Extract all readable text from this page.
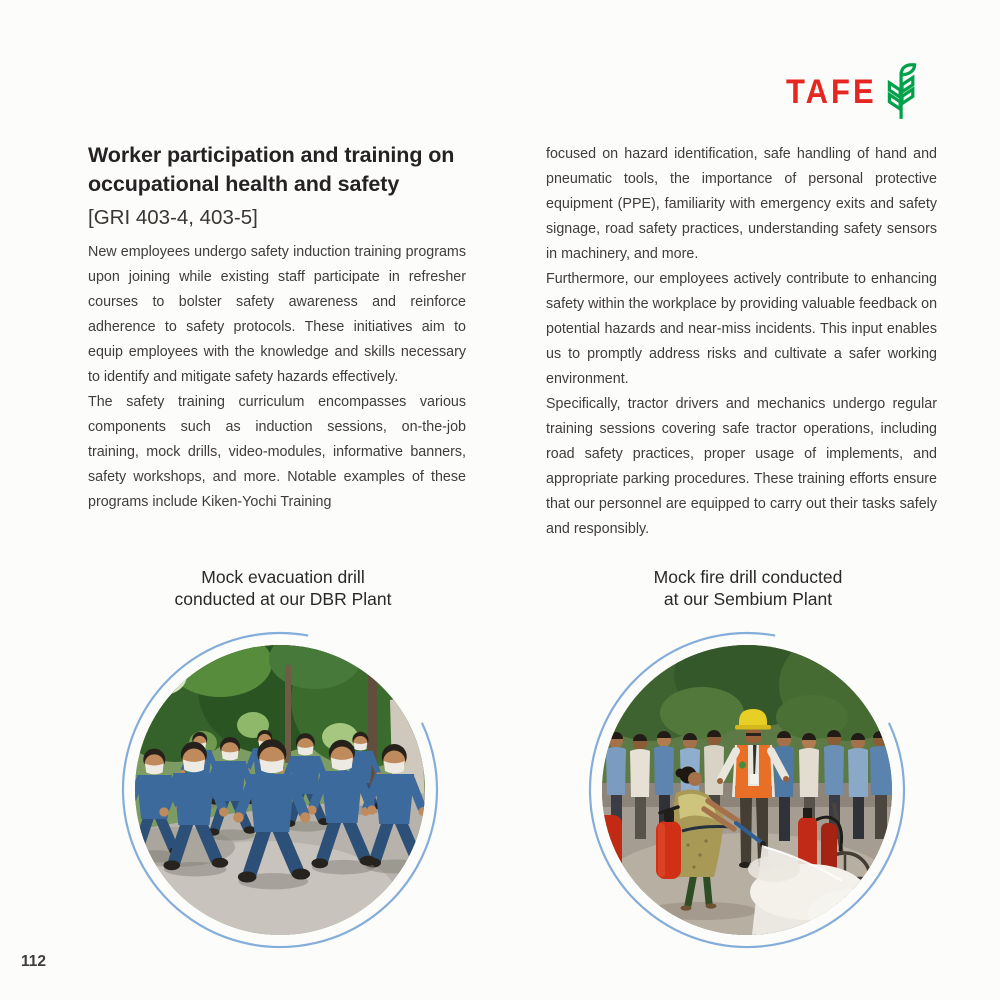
TAFE
Worker participation and training on
occupational health and safety
[GRI 403-4, 403-5]

New employees undergo safety induction training programs upon joining while existing staff participate in refresher courses to bolster safety awareness and reinforce adherence to safety protocols. These initiatives aim to equip employees with the knowledge and skills necessary to identify and mitigate safety hazards effectively.

The safety training curriculum encompasses various components such as induction sessions, on-the-job training, mock drills, video-modules, informative banners, safety workshops, and more. Notable examples of these programs include Kiken-Yochi Training

focused on hazard identification, safe handling of hand and pneumatic tools, the importance of personal protective equipment (PPE), familiarity with emergency exits and safety signage, road safety practices, understanding safety sensors in machinery, and more.

Furthermore, our employees actively contribute to enhancing safety within the workplace by providing valuable feedback on potential hazards and near-miss incidents. This input enables us to promptly address risks and cultivate a safer working environment.

Specifically, tractor drivers and mechanics undergo regular training sessions covering safe tractor operations, including road safety practices, proper usage of implements, and appropriate parking procedures. These training efforts ensure that our personnel are equipped to carry out their tasks safely and responsibly.

Mock evacuation drill
conducted at our DBR Plant
Mock fire drill conducted
at our Sembium Plant
112
